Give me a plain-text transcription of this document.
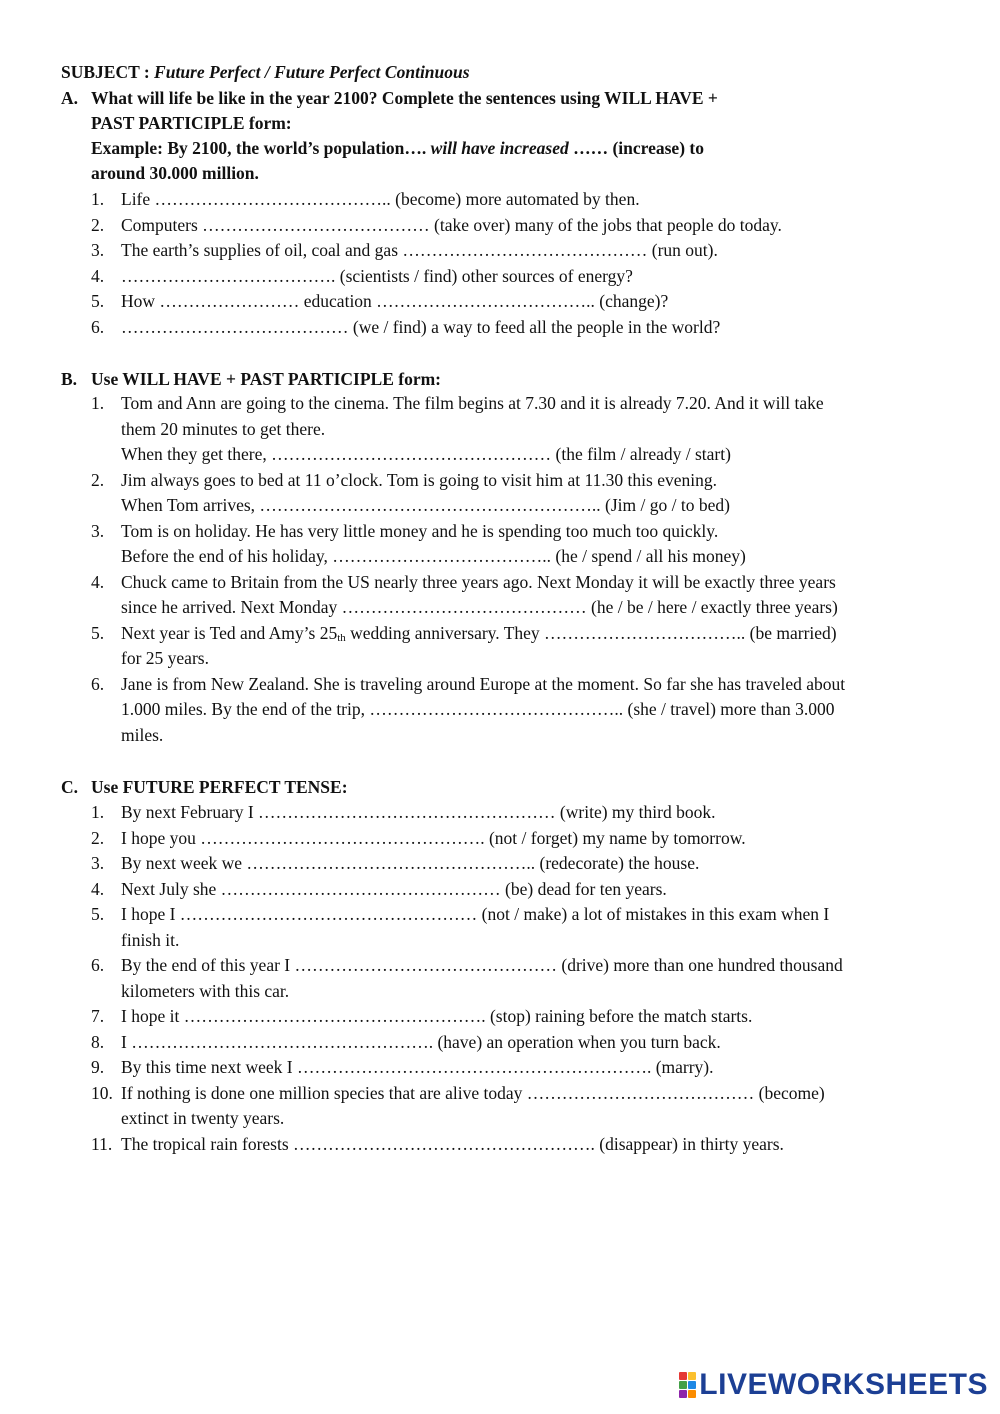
SUBJECT : Future Perfect / Future Perfect Continuous
A. What will life be like in the year 2100? Complete the sentences using WILL HAVE +
PAST PARTICIPLE form:
Example: By 2100, the world’s population…. will have increased …… (increase) to
around 30.000 million.
1. Life ………………………………….. (become) more automated by then.
2. Computers ………………………………… (take over) many of the jobs that people do today.
3. The earth’s supplies of oil, coal and gas …………………………………… (run out).
4. ………………………………. (scientists / find) other sources of energy?
5. How …………………… education ……………………………….. (change)?
6. ………………………………… (we / find) a way to feed all the people in the world?
B. Use WILL HAVE + PAST PARTICIPLE form:
1. Tom and Ann are going to the cinema. The film begins at 7.30 and it is already 7.20. And it will take
them 20 minutes to get there.
When they get there, ………………………………………… (the film / already / start)
2. Jim always goes to bed at 11 o’clock. Tom is going to visit him at 11.30 this evening.
When Tom arrives, ………………………………………………….. (Jim / go / to bed)
3. Tom is on holiday. He has very little money and he is spending too much too quickly.
Before the end of his holiday, ……………………………….. (he / spend / all his money)
4. Chuck came to Britain from the US nearly three years ago. Next Monday it will be exactly three years
since he arrived. Next Monday …………………………………… (he / be / here / exactly three years)
5. Next year is Ted and Amy’s 25th wedding anniversary. They …………………………….. (be married)
for 25 years.
6. Jane is from New Zealand. She is traveling around Europe at the moment. So far she has traveled about
1.000 miles. By the end of the trip, …………………………………….. (she / travel) more than 3.000
miles.
C. Use FUTURE PERFECT TENSE:
1. By next February I …………………………………………… (write) my third book.
2. I hope you …………………………………………. (not / forget) my name by tomorrow.
3. By next week we ………………………………………….. (redecorate) the house.
4. Next July she ………………………………………… (be) dead for ten years.
5. I hope I …………………………………………… (not / make) a lot of mistakes in this exam when I
finish it.
6. By the end of this year I ……………………………………… (drive) more than one hundred thousand
kilometers with this car.
7. I hope it ……………………………………………. (stop) raining before the match starts.
8. I ……………………………………………. (have) an operation when you turn back.
9. By this time next week I ……………………………………………………. (marry).
10. If nothing is done one million species that are alive today ………………………………… (become)
extinct in twenty years.
11. The tropical rain forests ……………………………………………. (disappear) in thirty years.
LIVEWORKSHEETS
